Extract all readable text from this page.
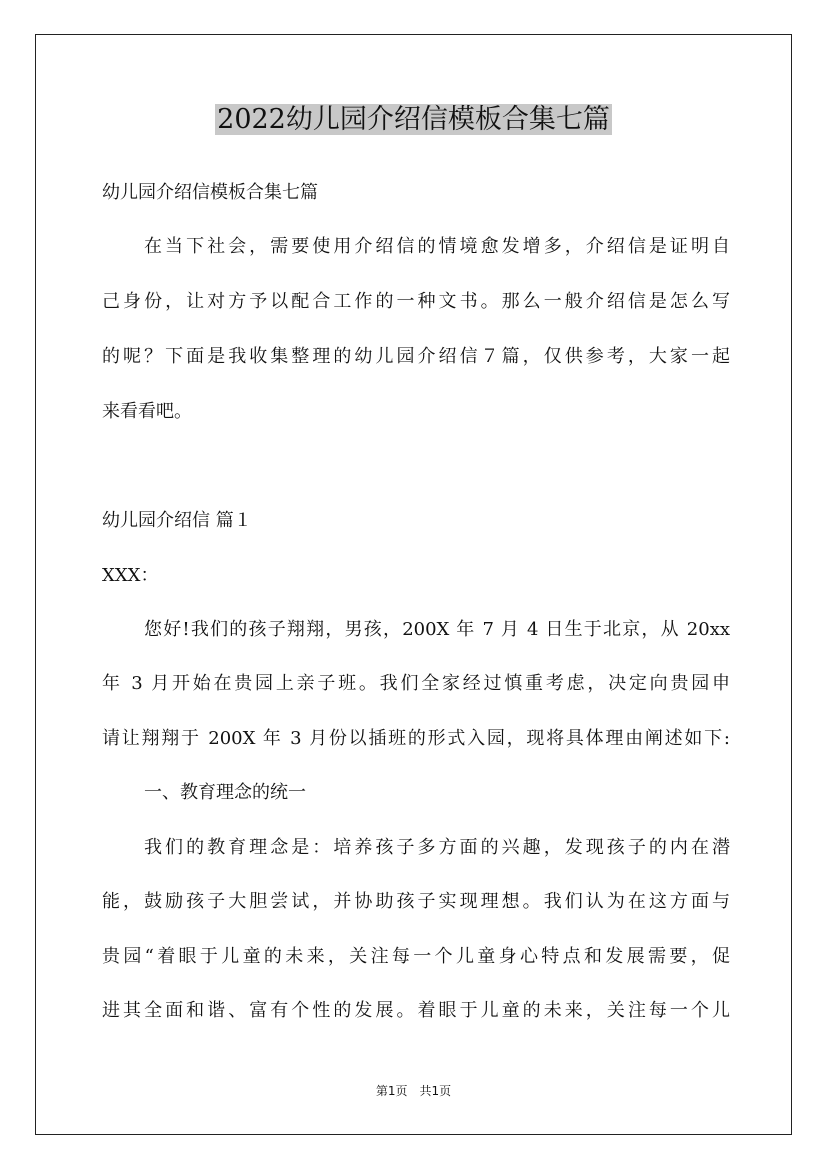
2022幼儿园介绍信模板合集七篇

幼儿园介绍信模板合集七篇

在当下社会，需要使用介绍信的情境愈发增多，介绍信是证明自

己身份，让对方予以配合工作的一种文书。那么一般介绍信是怎么写

的呢？下面是我收集整理的幼儿园介绍信７篇，仅供参考，大家一起

来看看吧。

幼儿园介绍信 篇１

XXX：

您好!我们的孩子翔翔，男孩，200X 年 7 月 4 日生于北京，从 20xx

年 3 月开始在贵园上亲子班。我们全家经过慎重考虑，决定向贵园申

请让翔翔于 200X 年 3 月份以插班的形式入园，现将具体理由阐述如下:

一、教育理念的统一

我们的教育理念是：培养孩子多方面的兴趣，发现孩子的内在潜

能，鼓励孩子大胆尝试，并协助孩子实现理想。我们认为在这方面与

贵园“着眼于儿童的未来，关注每一个儿童身心特点和发展需要，促

进其全面和谐、富有个性的发展。着眼于儿童的未来，关注每一个儿

第1页　共1页
